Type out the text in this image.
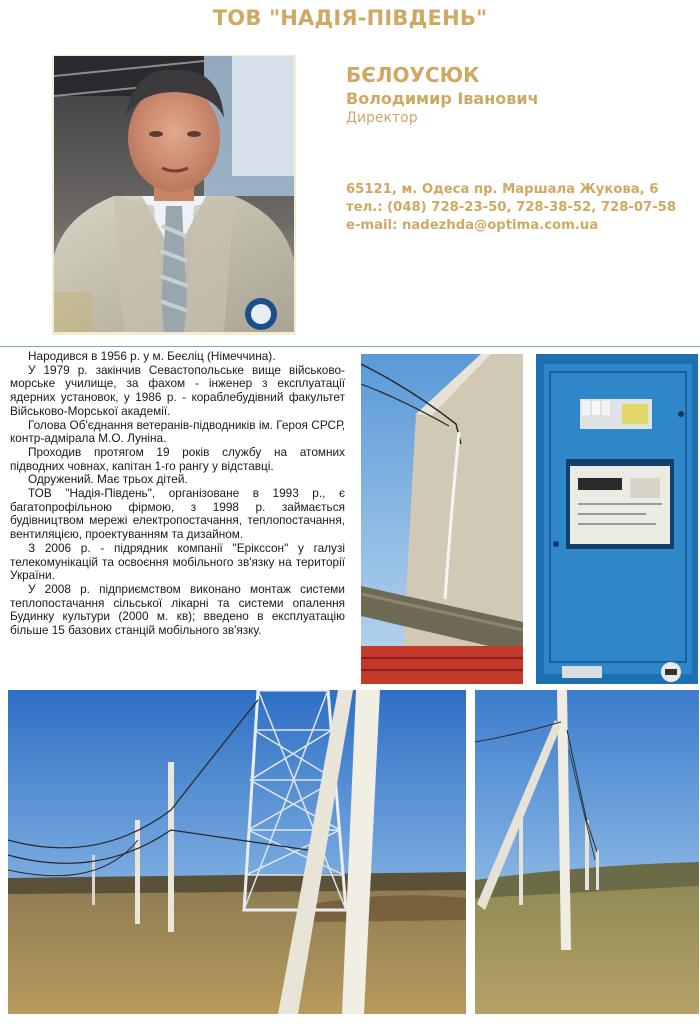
ТОВ "НАДІЯ-ПІВДЕНЬ"
БЄЛОУСЮК
Володимир Іванович
Директор
65121, м. Одеса пр. Маршала Жукова, 6
тел.: (048) 728-23-50, 728-38-52, 728-07-58
e-mail: nadezhda@optima.com.ua

Народився в 1956 р. у м. Беєліц (Німеччина).

У 1979 р. закінчив Севастопольське вище військово-морське училище, за фахом - інженер з експлуатації ядерних установок, у 1986 р. - кораблебудівний факультет Військово-Морської академії.

Голова Об'єднання ветеранів-підводників ім. Героя СРСР, контр-адмірала М.О. Луніна.

Проходив протягом 19 років службу на атомних підводних човнах, капітан 1-го рангу у відставці.

Одружений. Має трьох дітей.

ТОВ "Надія-Південь", організоване в 1993 р., є багатопрофільною фірмою, з 1998 р. займається будівництвом мережі електропостачання, теплопостачання, вентиляцією, проектуванням та дизайном.

З 2006 р. - підрядник компанії "Ерікссон" у галузі телекомунікацій та освоєння мобільного зв'язку на території України.

У 2008 р. підприємством виконано монтаж системи теплопостачання сільської лікарні та системи опалення Будинку культури (2000 м. кв); введено в експлуатацію більше 15 базових станцій мобільного зв'язку.
